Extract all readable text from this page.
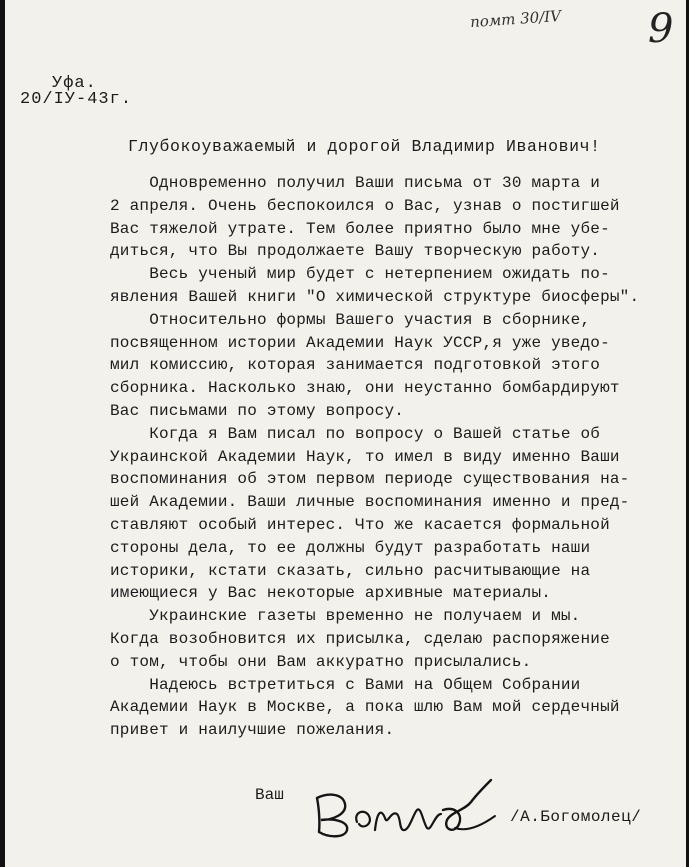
помт 30/IV 9
Уфа.
20/IУ-43г.
Глубокоуважаемый и дорогой Владимир Иванович!
Одновременно получил Ваши письма от 30 марта и
2 апреля. Очень беспокоился о Вас, узнав о постигшей
Вас тяжелой утрате. Тем более приятно было мне убе-
диться, что Вы продолжаете Вашу творческую работу.
Весь ученый мир будет с нетерпением ожидать по-
явления Вашей книги "О химической структуре биосферы".
Относительно формы Вашего участия в сборнике,
посвященном истории Академии Наук УССР,я уже уведо-
мил комиссию, которая занимается подготовкой этого
сборника. Насколько знаю, они неустанно бомбардируют
Вас письмами по этому вопросу.
Когда я Вам писал по вопросу о Вашей статье об
Украинской Академии Наук, то имел в виду именно Ваши
воспоминания об этом первом периоде существования на-
шей Академии. Ваши личные воспоминания именно и пред-
ставляют особый интерес. Что же касается формальной
стороны дела, то ее должны будут разработать наши
историки, кстати сказать, сильно расчитывающие на
имеющиеся у Вас некоторые архивные материалы.
Украинские газеты временно не получаем и мы.
Когда возобновится их присылка, сделаю распоряжение
о том, чтобы они Вам аккуратно присылались.
Надеюсь встретиться с Вами на Общем Собрании
Академии Наук в Москве, а пока шлю Вам мой сердечный
привет и наилучшие пожелания.
Ваш
/А.Богомолец/
